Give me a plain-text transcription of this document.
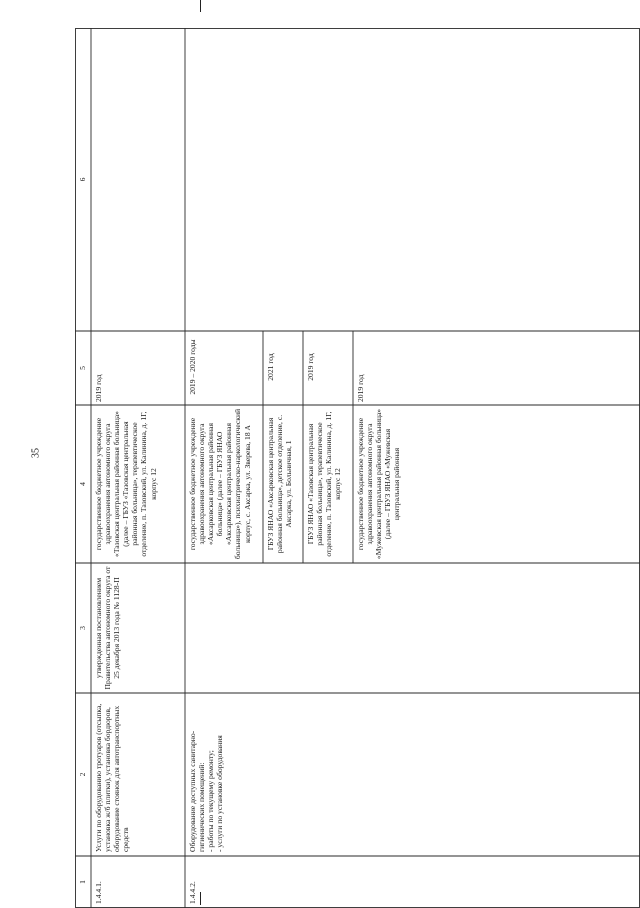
35
1
2
3
4
5
6
1.4.4.1.
Услуги по оборудованию тротуаров (отсыпка, установка ж/б плитки), установка бордюров, оборудование стоянок для автотранспортных средств
утвержденная постановлением Правительства автономного округа от 25 декабря 2013 года № 1128-П
государственное бюджетное учреждение здравоохранения автономного округа «Тазовская центральная районная больница» (далее – ГБУЗ «Тазовская центральная районная больница», терапевтическое отделение, п. Тазовский, ул. Калинина, д. 1Г, корпус 12
2019 год
1.4.4.2.
Оборудование доступных санитарно-гигиенических помещений:
- работы по текущему ремонту;
- услуги по установке оборудования
государственное бюджетное учреждение здравоохранения автономного округа «Аксарковская центральная районная больница» (далее – ГБУЗ ЯНАО «Аксарковская центральная районная больница»), психиатрическо-наркологический корпус, с. Аксарка, ул. Зверева, 18 А
2019 – 2020 годы
ГБУЗ ЯНАО «Аксарковская центральная районная больница», детское отделение, с. Аксарка, ул. Больничная, 1
2021 год
ГБУЗ ЯНАО «Тазовская центральная районная больница», терапевтическое отделение, п. Тазовский, ул. Калинина, д. 1Г, корпус 12
2019 год
государственное бюджетное учреждение здравоохранения автономного округа «Мужевская центральная районная больница» (далее – ГБУЗ ЯНАО «Мужевская центральная районная
2019 год
